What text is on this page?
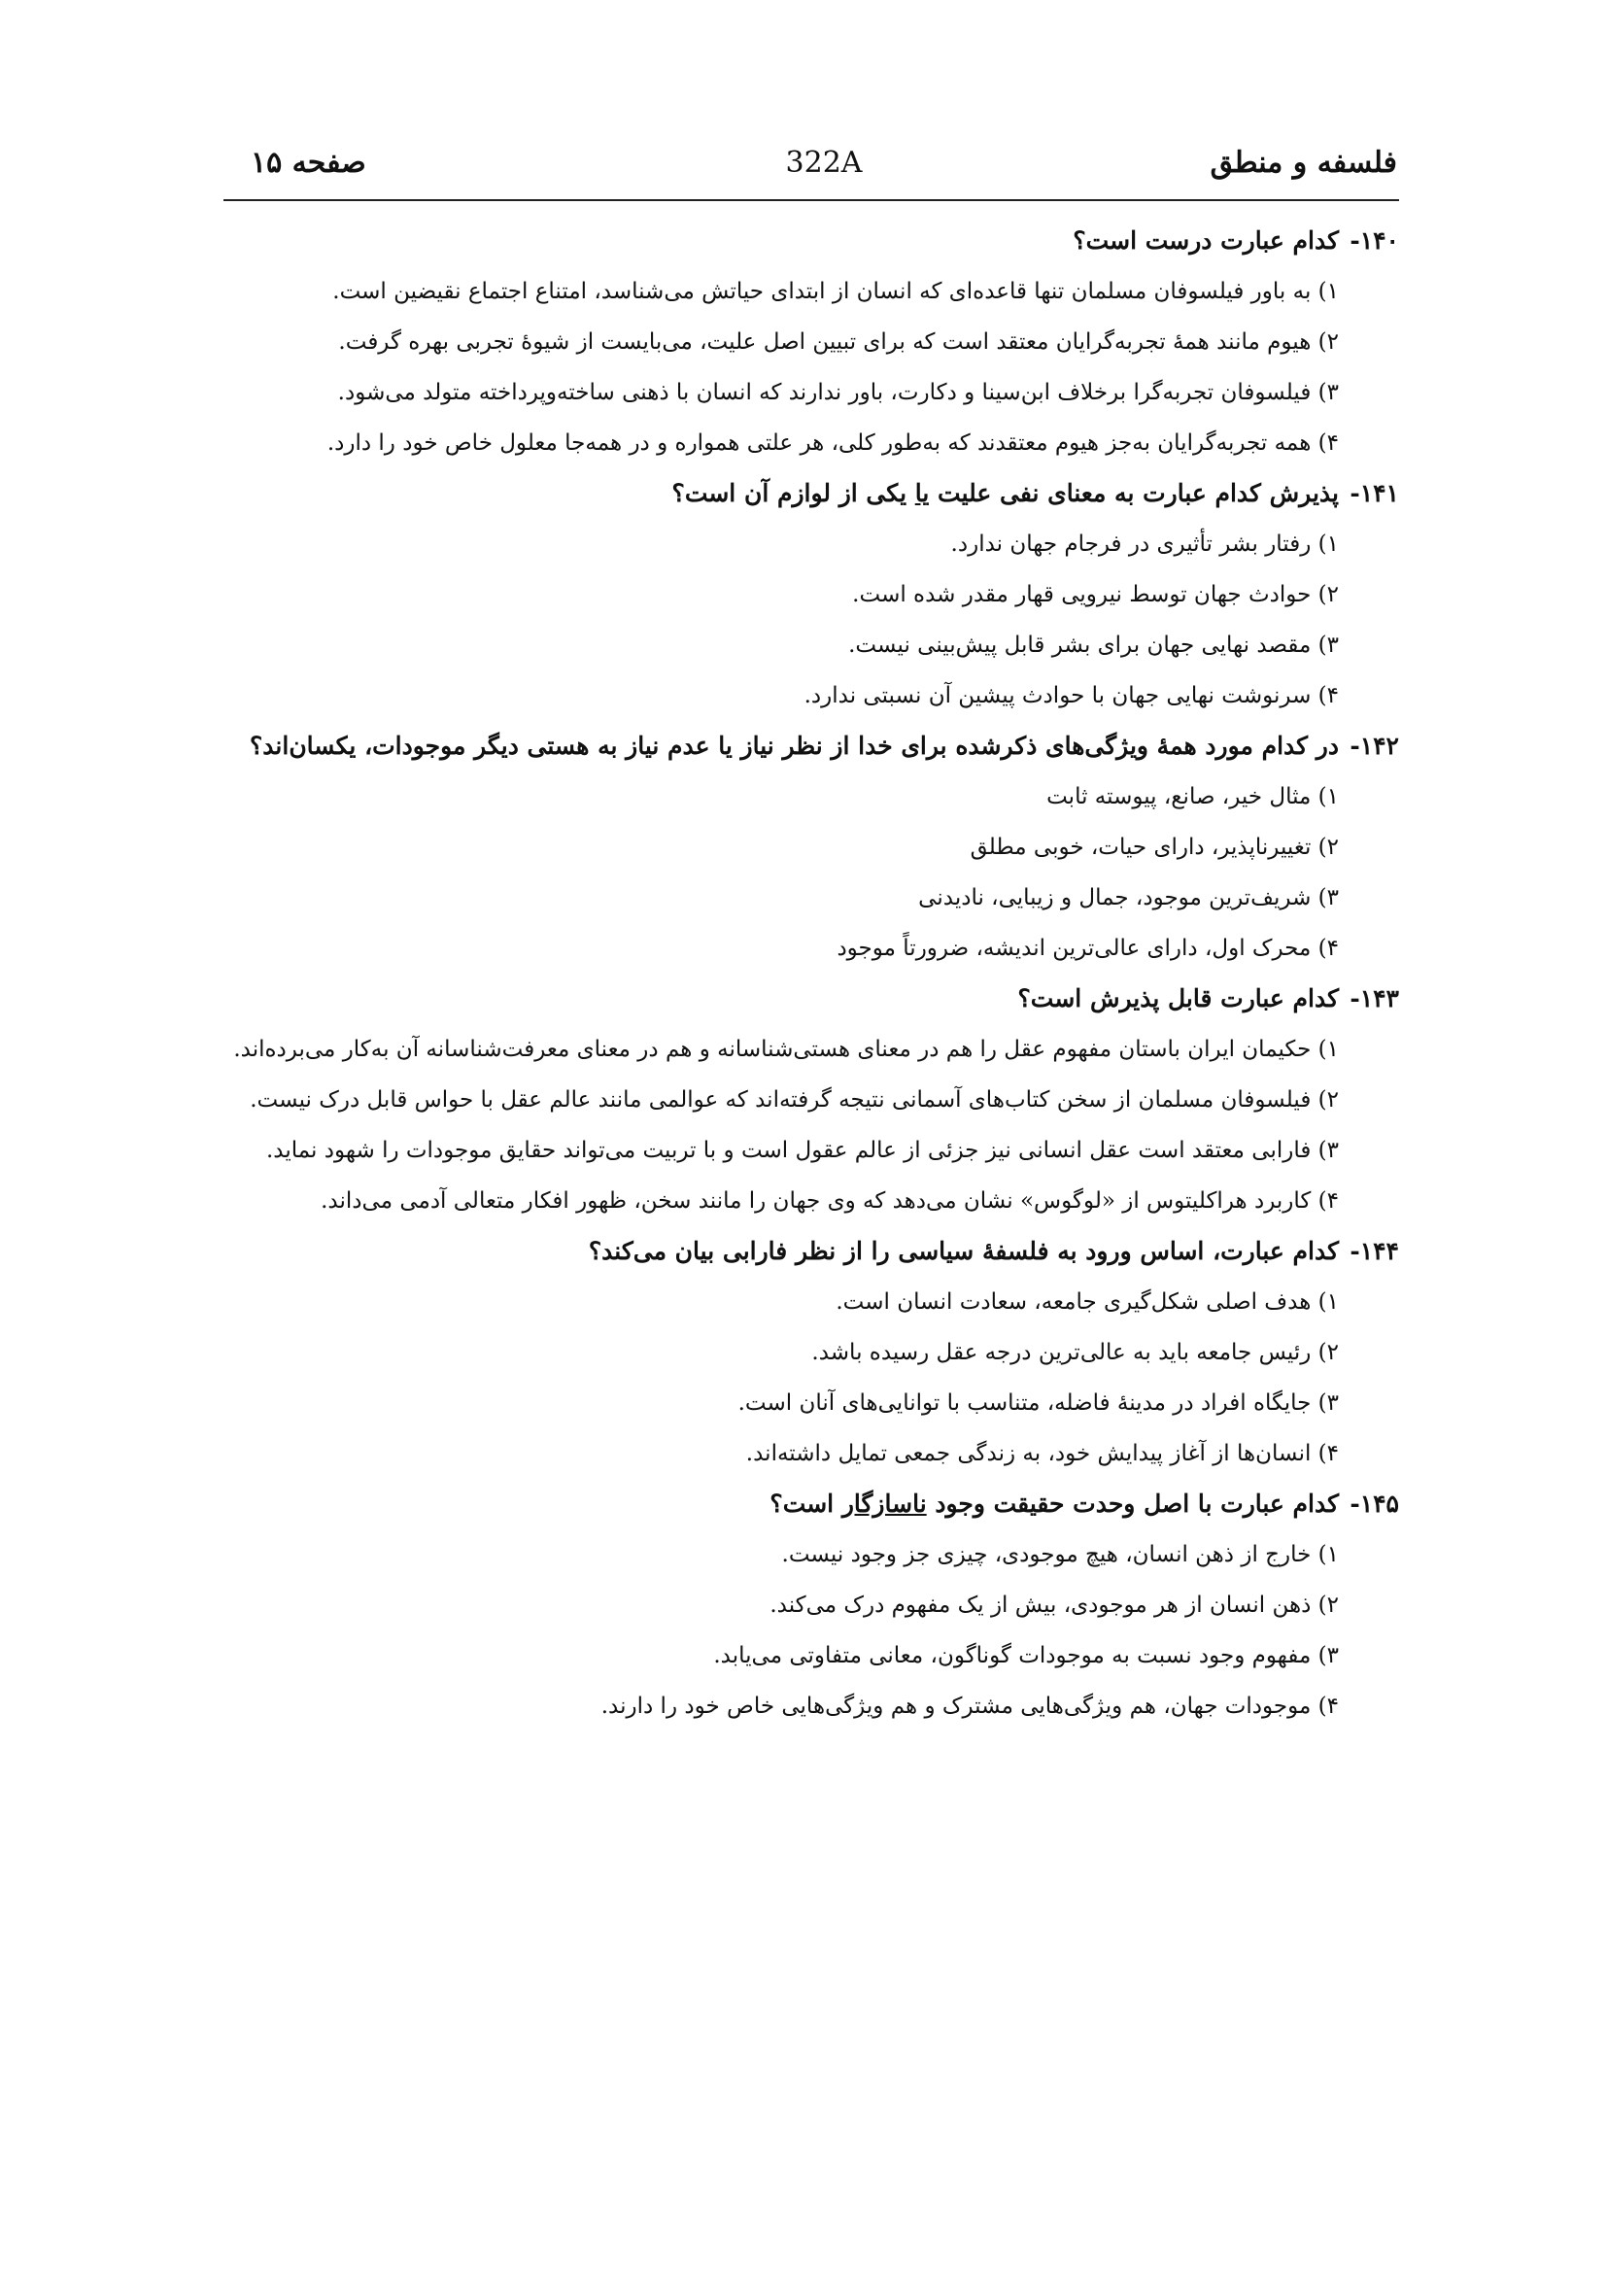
فلسفه و منطق
322A
صفحه ۱۵
۱۴۰-
کدام عبارت درست است؟
۱) به باور فیلسوفان مسلمان تنها قاعده‌ای که انسان از ابتدای حیاتش می‌شناسد، امتناع اجتماع نقیضین است.
۲) هیوم مانند همهٔ تجربه‌گرایان معتقد است که برای تبیین اصل علیت، می‌بایست از شیوهٔ تجربی بهره گرفت.
۳) فیلسوفان تجربه‌گرا برخلاف ابن‌سینا و دکارت، باور ندارند که انسان با ذهنی ساخته‌وپرداخته متولد می‌شود.
۴) همه تجربه‌گرایان به‌جز هیوم معتقدند که به‌طور کلی، هر علتی همواره و در همه‌جا معلول خاص خود را دارد.
۱۴۱-
پذیرش کدام عبارت به معنای نفی علیت یا یکی از لوازم آن است؟
۱) رفتار بشر تأثیری در فرجام جهان ندارد.
۲) حوادث جهان توسط نیرویی قهار مقدر شده است.
۳) مقصد نهایی جهان برای بشر قابل پیش‌بینی نیست.
۴) سرنوشت نهایی جهان با حوادث پیشین آن نسبتی ندارد.
۱۴۲-
در کدام مورد همهٔ ویژگی‌های ذکرشده برای خدا از نظر نیاز یا عدم نیاز به هستی دیگر موجودات، یکسان‌اند؟
۱) مثال خیر، صانع، پیوسته ثابت
۲) تغییرناپذیر، دارای حیات، خوبی مطلق
۳) شریف‌ترین موجود، جمال و زیبایی، نادیدنی
۴) محرک اول، دارای عالی‌ترین اندیشه، ضرورتاً موجود
۱۴۳-
کدام عبارت قابل پذیرش است؟
۱) حکیمان ایران باستان مفهوم عقل را هم در معنای هستی‌شناسانه و هم در معنای معرفت‌شناسانه آن به‌کار می‌برده‌اند.
۲) فیلسوفان مسلمان از سخن کتاب‌های آسمانی نتیجه گرفته‌اند که عوالمی مانند عالم عقل با حواس قابل درک نیست.
۳) فارابی معتقد است عقل انسانی نیز جزئی از عالم عقول است و با تربیت می‌تواند حقایق موجودات را شهود نماید.
۴) کاربرد هراکلیتوس از «لوگوس» نشان می‌دهد که وی جهان را مانند سخن، ظهور افکار متعالی آدمی می‌داند.
۱۴۴-
کدام عبارت، اساس ورود به فلسفهٔ سیاسی را از نظر فارابی بیان می‌کند؟
۱) هدف اصلی شکل‌گیری جامعه، سعادت انسان است.
۲) رئیس جامعه باید به عالی‌ترین درجه عقل رسیده باشد.
۳) جایگاه افراد در مدینهٔ فاضله، متناسب با توانایی‌های آنان است.
۴) انسان‌ها از آغاز پیدایش خود، به زندگی جمعی تمایل داشته‌اند.
۱۴۵-
کدام عبارت با اصل وحدت حقیقت وجود ناسازگار است؟
۱) خارج از ذهن انسان، هیچ موجودی، چیزی جز وجود نیست.
۲) ذهن انسان از هر موجودی، بیش از یک مفهوم درک می‌کند.
۳) مفهوم وجود نسبت به موجودات گوناگون، معانی متفاوتی می‌یابد.
۴) موجودات جهان، هم ویژگی‌هایی مشترک و هم ویژگی‌هایی خاص خود را دارند.
